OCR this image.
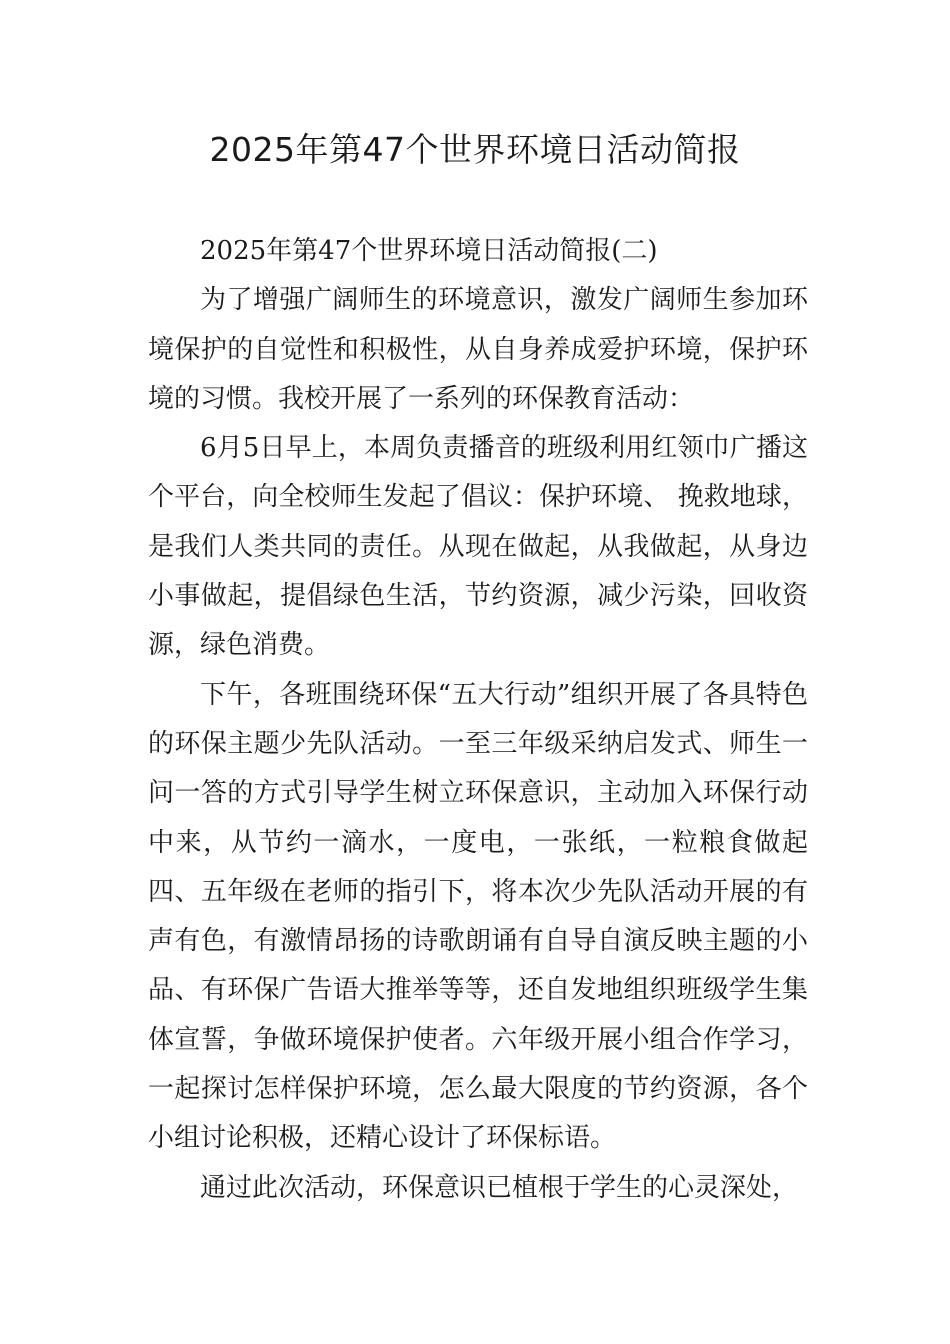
2025年第47个世界环境日活动简报

2025年第47个世界环境日活动简报(二)

为了增强广阔师生的环境意识，激发广阔师生参加环境保护的自觉性和积极性，从自身养成爱护环境，保护环境的习惯。我校开展了一系列的环保教育活动：

6月5日早上，本周负责播音的班级利用红领巾广播这个平台，向全校师生发起了倡议：保护环境、 挽救地球，是我们人类共同的责任。从现在做起，从我做起，从身边小事做起，提倡绿色生活，节约资源，减少污染，回收资源，绿色消费。

下午，各班围绕环保“五大行动”组织开展了各具特色的环保主题少先队活动。一至三年级采纳启发式、师生一问一答的方式引导学生树立环保意识，主动加入环保行动中来，从节约一滴水，一度电，一张纸，一粒粮食做起四、五年级在老师的指引下，将本次少先队活动开展的有声有色，有激情昂扬的诗歌朗诵有自导自演反映主题的小品、有环保广告语大推举等等，还自发地组织班级学生集体宣誓，争做环境保护使者。六年级开展小组合作学习，一起探讨怎样保护环境，怎么最大限度的节约资源，各个小组讨论积极，还精心设计了环保标语。

通过此次活动，环保意识已植根于学生的心灵深处，
